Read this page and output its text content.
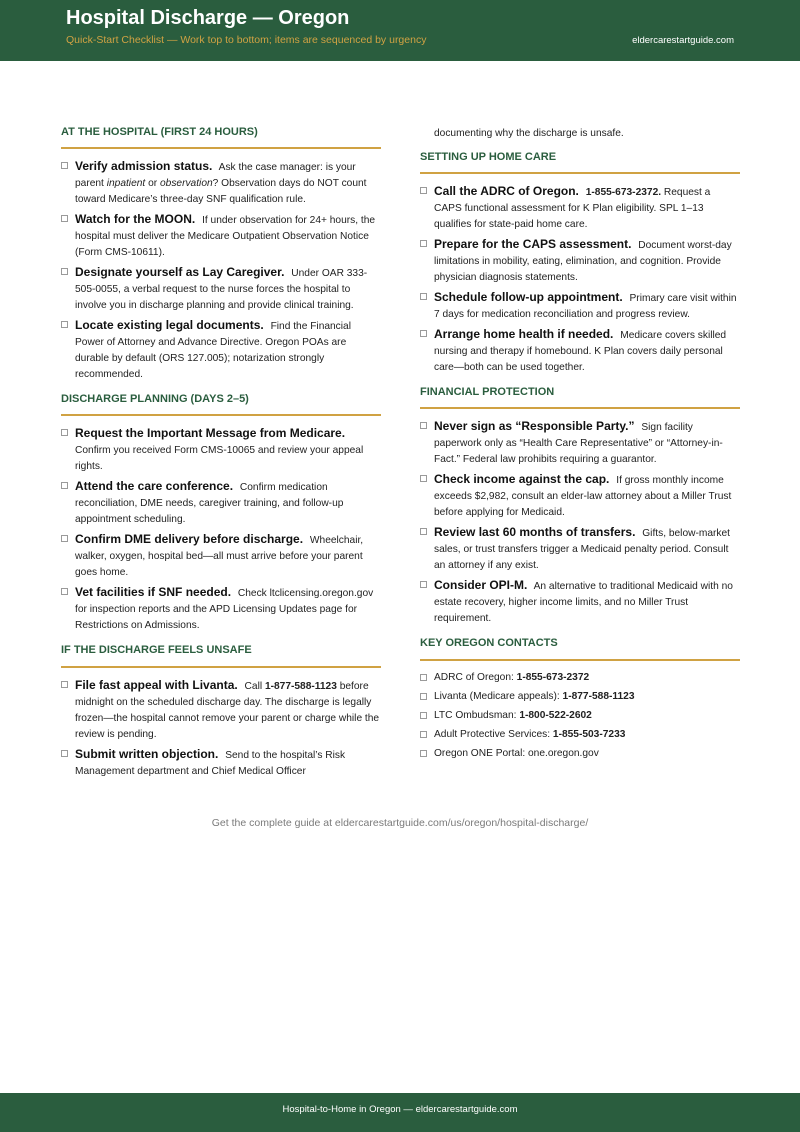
Hospital Discharge — Oregon
Quick-Start Checklist — Work top to bottom; items are sequenced by urgency	eldercarestartguide.com
AT THE HOSPITAL (FIRST 24 HOURS)
Verify admission status. Ask the case manager: is your parent inpatient or observation? Observation days do NOT count toward Medicare’s three-day SNF qualification rule.
Watch for the MOON. If under observation for 24+ hours, the hospital must deliver the Medicare Outpatient Observation Notice (Form CMS-10611).
Designate yourself as Lay Caregiver. Under OAR 333-505-0055, a verbal request to the nurse forces the hospital to involve you in discharge planning and provide clinical training.
Locate existing legal documents. Find the Financial Power of Attorney and Advance Directive. Oregon POAs are durable by default (ORS 127.005); notarization strongly recommended.
DISCHARGE PLANNING (DAYS 2–5)
Request the Important Message from Medicare. Confirm you received Form CMS-10065 and review your appeal rights.
Attend the care conference. Confirm medication reconciliation, DME needs, caregiver training, and follow-up appointment scheduling.
Confirm DME delivery before discharge. Wheelchair, walker, oxygen, hospital bed—all must arrive before your parent goes home.
Vet facilities if SNF needed. Check ltclicensing.oregon.gov for inspection reports and the APD Licensing Updates page for Restrictions on Admissions.
IF THE DISCHARGE FEELS UNSAFE
File fast appeal with Livanta. Call 1-877-588-1123 before midnight on the scheduled discharge day. The discharge is legally frozen—the hospital cannot remove your parent or charge while the review is pending.
Submit written objection. Send to the hospital’s Risk Management department and Chief Medical Officer
documenting why the discharge is unsafe.
SETTING UP HOME CARE
Call the ADRC of Oregon. 1-855-673-2372. Request a CAPS functional assessment for K Plan eligibility. SPL 1–13 qualifies for state-paid home care.
Prepare for the CAPS assessment. Document worst-day limitations in mobility, eating, elimination, and cognition. Provide physician diagnosis statements.
Schedule follow-up appointment. Primary care visit within 7 days for medication reconciliation and progress review.
Arrange home health if needed. Medicare covers skilled nursing and therapy if homebound. K Plan covers daily personal care—both can be used together.
FINANCIAL PROTECTION
Never sign as “Responsible Party.” Sign facility paperwork only as “Health Care Representative” or “Attorney-in-Fact.” Federal law prohibits requiring a guarantor.
Check income against the cap. If gross monthly income exceeds $2,982, consult an elder-law attorney about a Miller Trust before applying for Medicaid.
Review last 60 months of transfers. Gifts, below-market sales, or trust transfers trigger a Medicaid penalty period. Consult an attorney if any exist.
Consider OPI-M. An alternative to traditional Medicaid with no estate recovery, higher income limits, and no Miller Trust requirement.
KEY OREGON CONTACTS
ADRC of Oregon: 1-855-673-2372
Livanta (Medicare appeals): 1-877-588-1123
LTC Ombudsman: 1-800-522-2602
Adult Protective Services: 1-855-503-7233
Oregon ONE Portal: one.oregon.gov
Get the complete guide at eldercarestartguide.com/us/oregon/hospital-discharge/
Hospital-to-Home in Oregon — eldercarestartguide.com
